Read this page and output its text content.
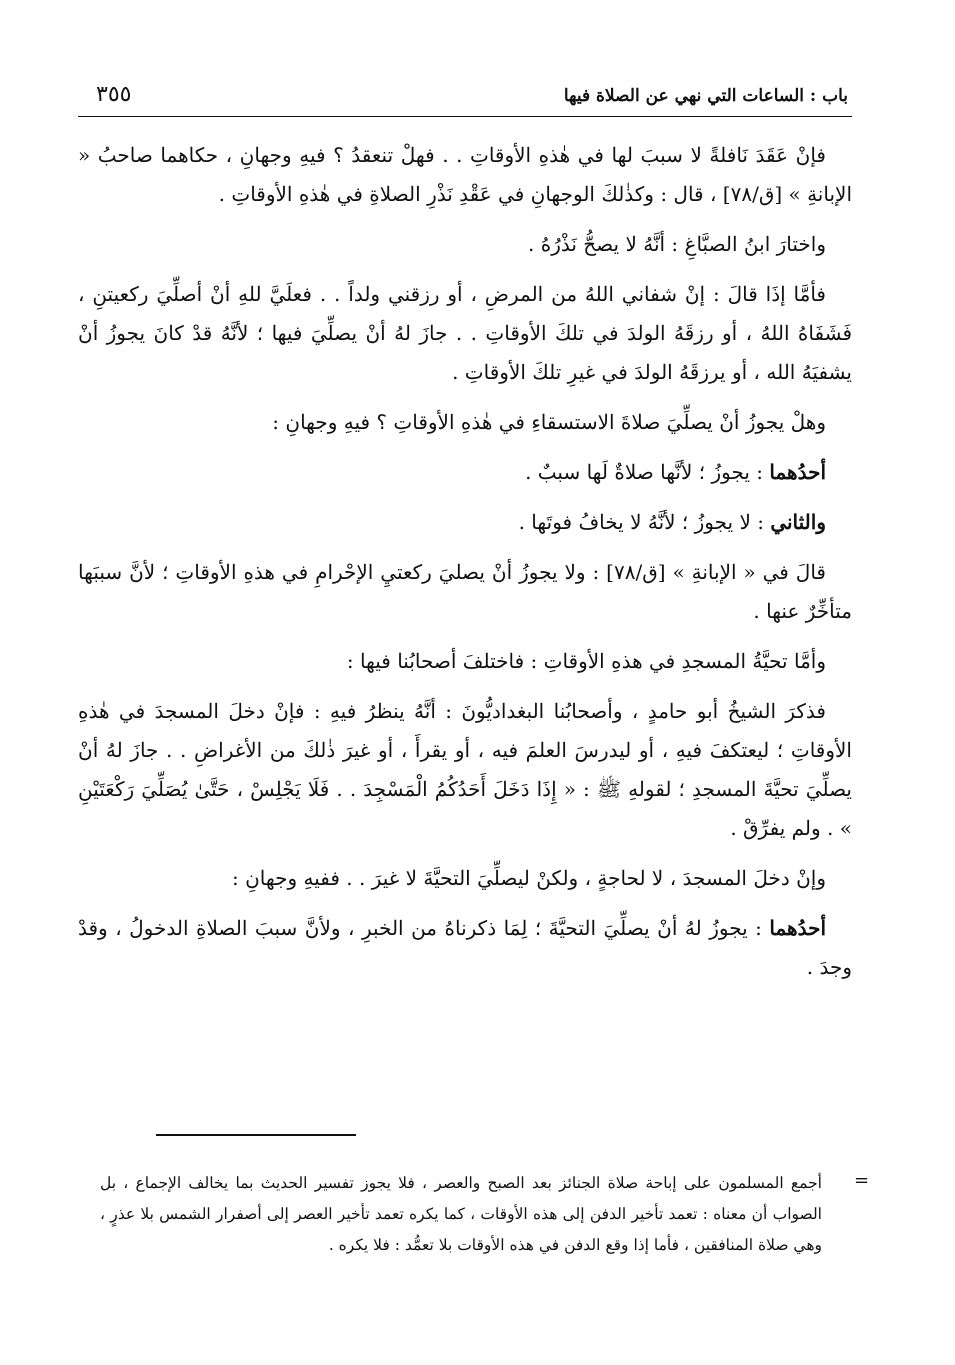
باب : الساعات التي نهي عن الصلاة فيها
٣٥٥

فإنْ عَقَدَ نَافلةً لا سببَ لها في هٰذهِ الأوقاتِ . . فهلْ تنعقدُ ؟ فيهِ وجهانِ ، حكاهما صاحبُ « الإبانةِ » [ق/٧٨] ، قال : وكذٰلكَ الوجهانِ في عَقْدِ نَذْرِ الصلاةِ في هٰذهِ الأوقاتِ .

واختارَ ابنُ الصبَّاغِ : أنَّهُ لا يصحُّ نَذْرُهُ .

فأمَّا إذَا قالَ : إنْ شفاني اللهُ من المرضِ ، أو رزقني ولداً . . فعلَيَّ للهِ أنْ أصلِّيَ ركعيتنِ ، فَشَفَاهُ اللهُ ، أو رزقَهُ الولدَ في تلكَ الأوقاتِ . . جازَ لهُ أنْ يصلِّيَ فيها ؛ لأنَّهُ قدْ كانَ يجوزُ أنْ يشفيَهُ الله ، أو يرزقَهُ الولدَ في غيرِ تلكَ الأوقاتِ .

وهلْ يجوزُ أنْ يصلِّيَ صلاةَ الاستسقاءِ في هٰذهِ الأوقاتِ ؟ فيهِ وجهانِ :

أحدُهما : يجوزُ ؛ لأنَّها صلاةٌ لَها سببٌ .

والثاني : لا يجوزُ ؛ لأنَّهُ لا يخافُ فوتَها .

قالَ في « الإبانةِ » [ق/٧٨] : ولا يجوزُ أنْ يصليَ ركعتيِ الإحْرامِ في هذهِ الأوقاتِ ؛ لأنَّ سببَها متأخِّرٌ عنها .

وأمَّا تحيَّةُ المسجدِ في هذهِ الأوقاتِ : فاختلفَ أصحابُنا فيها :

فذكرَ الشيخُ أبو حامدٍ ، وأصحابُنا البغداديُّونَ : أنَّهُ ينظرُ فيهِ : فإنْ دخلَ المسجدَ في هٰذهِ الأوقاتِ ؛ ليعتكفَ فيهِ ، أو ليدرسَ العلمَ فيه ، أو يقرأَ ، أو غيرَ ذٰلكَ من الأغراضِ . . جازَ لهُ أنْ يصلِّيَ تحيَّةَ المسجدِ ؛ لقولهِ ﷺ : « إِذَا دَخَلَ أَحَدُكُمُ الْمَسْجِدَ . . فَلَا يَجْلِسْ ، حَتَّىٰ يُصَلِّيَ رَكْعَتَيْنِ » . ولم يفرِّقْ .

وإنْ دخلَ المسجدَ ، لا لحاجةٍ ، ولكنْ ليصلِّيَ التحيَّةَ لا غيرَ . . ففيهِ وجهانِ :

أحدُهما : يجوزُ لهُ أنْ يصلِّيَ التحيَّةَ ؛ لِمَا ذكرناهُ من الخبرِ ، ولأنَّ سببَ الصلاةِ الدخولُ ، وقدْ وجدَ .

=
أجمع المسلمون على إباحة صلاة الجنائز بعد الصبح والعصر ، فلا يجوز تفسير الحديث بما يخالف الإجماع ، بل الصواب أن معناه : تعمد تأخير الدفن إلى هذه الأوقات ، كما يكره تعمد تأخير العصر إلى أصفرار الشمس بلا عذرٍ ، وهي صلاة المنافقين ، فأما إذا وقع الدفن في هذه الأوقات بلا تعمُّد : فلا يكره .
